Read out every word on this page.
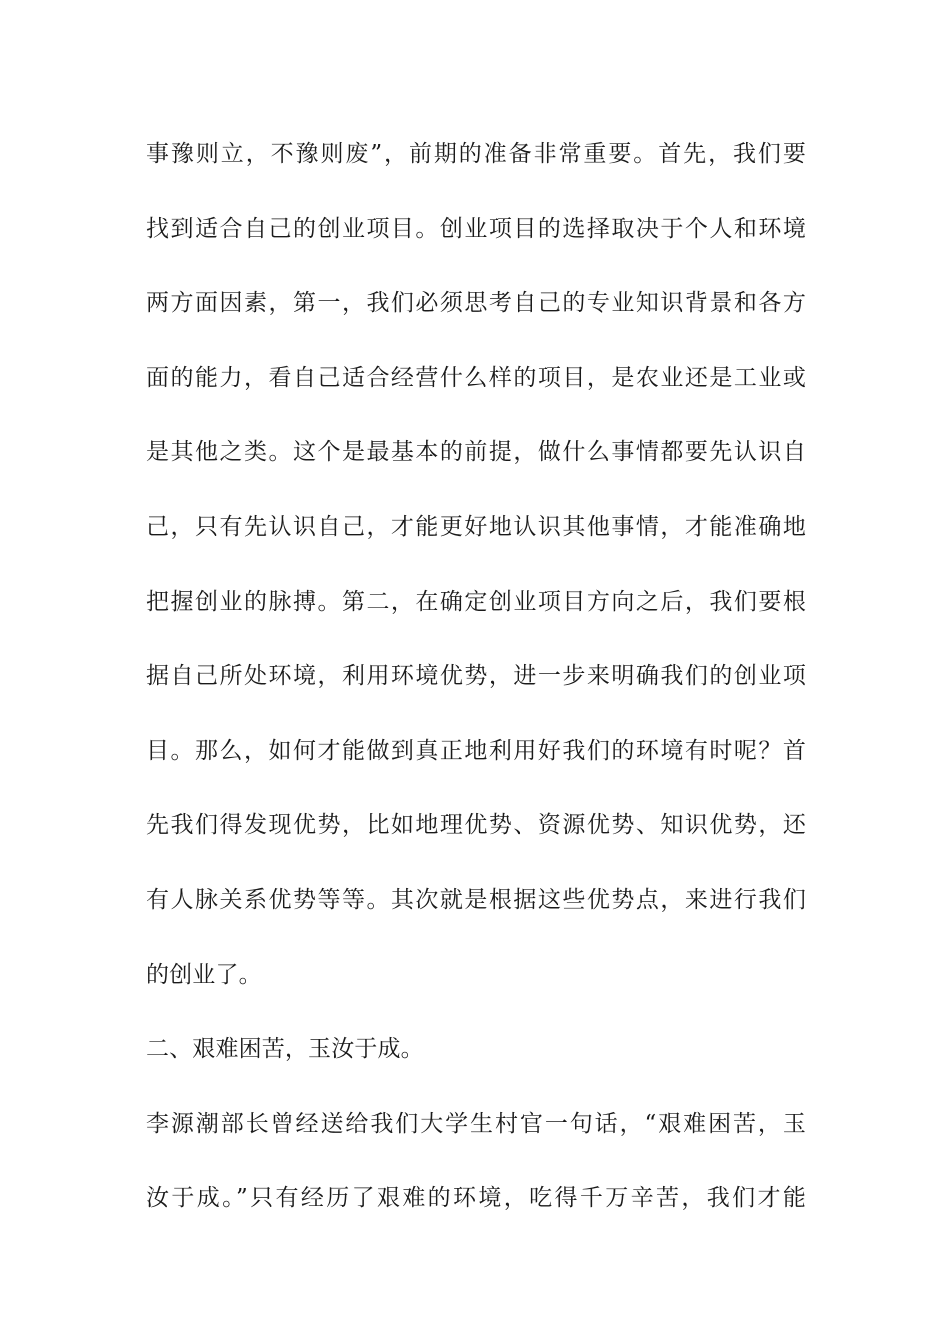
事豫则立，不豫则废”，前期的准备非常重要。首先，我们要
找到适合自己的创业项目。创业项目的选择取决于个人和环境
两方面因素，第一，我们必须思考自己的专业知识背景和各方
面的能力，看自己适合经营什么样的项目，是农业还是工业或
是其他之类。这个是最基本的前提，做什么事情都要先认识自
己，只有先认识自己，才能更好地认识其他事情，才能准确地
把握创业的脉搏。第二，在确定创业项目方向之后，我们要根
据自己所处环境，利用环境优势，进一步来明确我们的创业项
目。那么，如何才能做到真正地利用好我们的环境有时呢？首
先我们得发现优势，比如地理优势、资源优势、知识优势，还
有人脉关系优势等等。其次就是根据这些优势点，来进行我们
的创业了。
二、艰难困苦，玉汝于成。
李源潮部长曾经送给我们大学生村官一句话，“艰难困苦，玉
汝于成。”只有经历了艰难的环境，吃得千万辛苦，我们才能
